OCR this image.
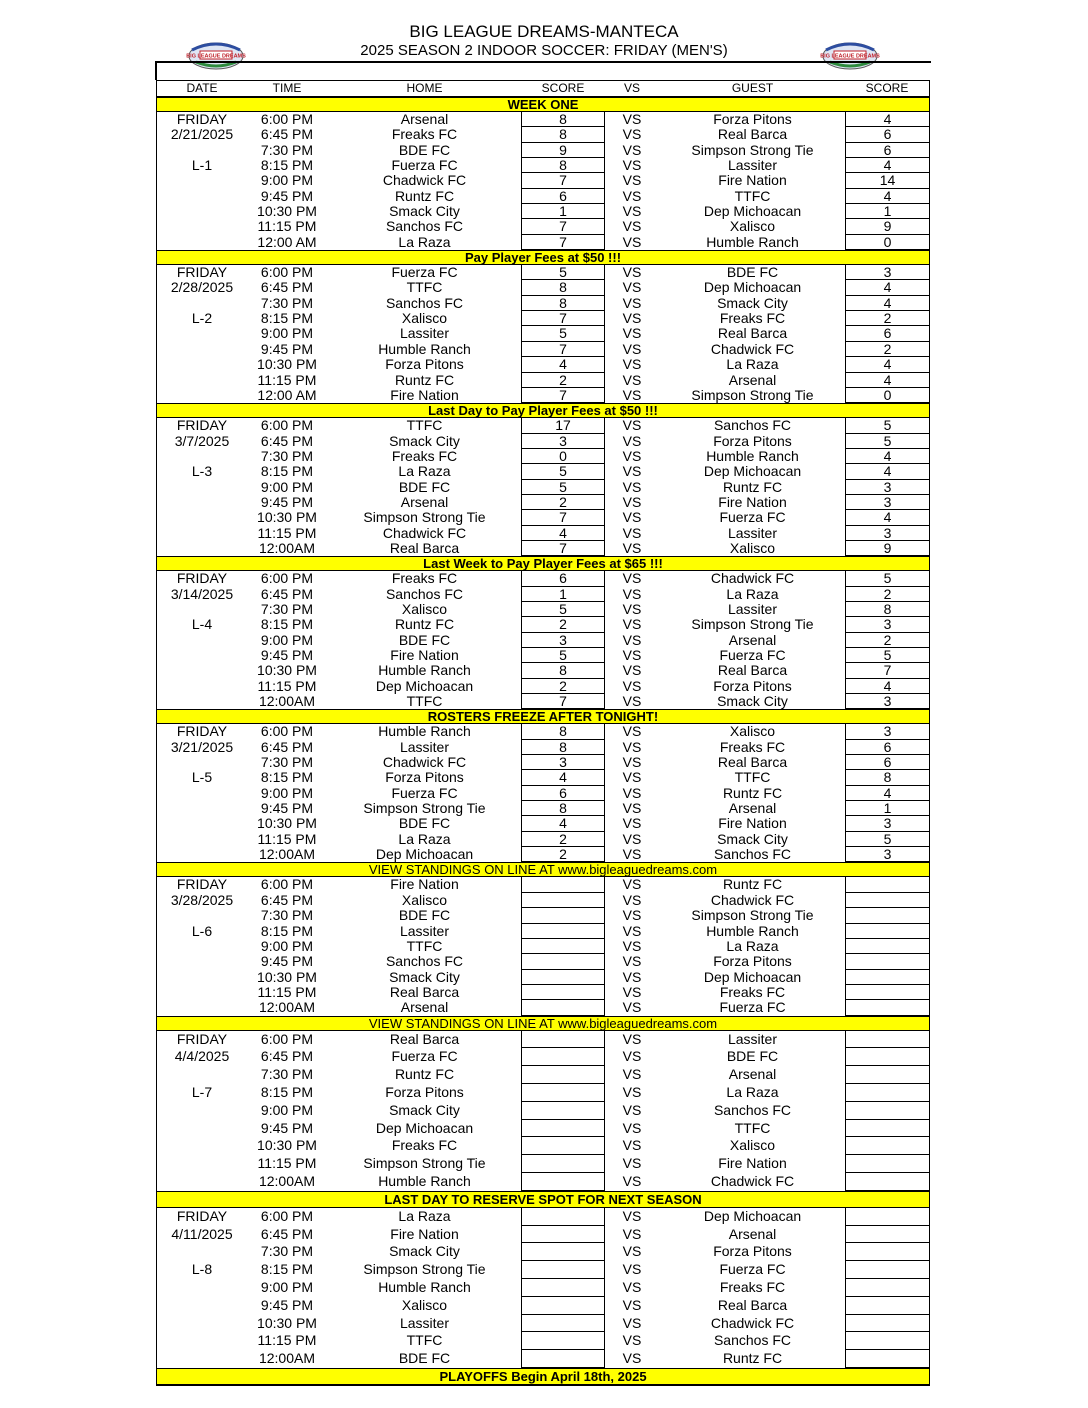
BIG LEAGUE DREAMS-MANTECA
2025 SEASON 2 INDOOR SOCCER: FRIDAY (MEN'S)
BIG LEAGUE DREAMS	BIG LEAGUE DREAMS
DATE	TIME	HOME	SCORE	VS	GUEST	SCORE
WEEK ONE
FRIDAY	6:00 PM	Arsenal	8	VS	Forza Pitons	4
2/21/2025	6:45 PM	Freaks FC	8	VS	Real Barca	6
7:30 PM	BDE FC	9	VS	Simpson Strong Tie	6
L-1	8:15 PM	Fuerza FC	8	VS	Lassiter	4
9:00 PM	Chadwick FC	7	VS	Fire Nation	14
9:45 PM	Runtz FC	6	VS	TTFC	4
10:30 PM	Smack City	1	VS	Dep Michoacan	1
11:15 PM	Sanchos FC	7	VS	Xalisco	9
12:00 AM	La Raza	7	VS	Humble Ranch	0
Pay Player Fees at $50 !!!
FRIDAY	6:00 PM	Fuerza FC	5	VS	BDE FC	3
2/28/2025	6:45 PM	TTFC	8	VS	Dep Michoacan	4
7:30 PM	Sanchos FC	8	VS	Smack City	4
L-2	8:15 PM	Xalisco	7	VS	Freaks FC	2
9:00 PM	Lassiter	5	VS	Real Barca	6
9:45 PM	Humble Ranch	7	VS	Chadwick FC	2
10:30 PM	Forza Pitons	4	VS	La Raza	4
11:15 PM	Runtz FC	2	VS	Arsenal	4
12:00 AM	Fire Nation	7	VS	Simpson Strong Tie	0
Last Day to Pay Player Fees at $50 !!!
FRIDAY	6:00 PM	TTFC	17	VS	Sanchos FC	5
3/7/2025	6:45 PM	Smack City	3	VS	Forza Pitons	5
7:30 PM	Freaks FC	0	VS	Humble Ranch	4
L-3	8:15 PM	La Raza	5	VS	Dep Michoacan	4
9:00 PM	BDE FC	5	VS	Runtz FC	3
9:45 PM	Arsenal	2	VS	Fire Nation	3
10:30 PM	Simpson Strong Tie	7	VS	Fuerza FC	4
11:15 PM	Chadwick FC	4	VS	Lassiter	3
12:00AM	Real Barca	7	VS	Xalisco	9
Last Week to Pay Player Fees at $65 !!!
FRIDAY	6:00 PM	Freaks FC	6	VS	Chadwick FC	5
3/14/2025	6:45 PM	Sanchos FC	1	VS	La Raza	2
7:30 PM	Xalisco	5	VS	Lassiter	8
L-4	8:15 PM	Runtz FC	2	VS	Simpson Strong Tie	3
9:00 PM	BDE FC	3	VS	Arsenal	2
9:45 PM	Fire Nation	5	VS	Fuerza FC	5
10:30 PM	Humble Ranch	8	VS	Real Barca	7
11:15 PM	Dep Michoacan	2	VS	Forza Pitons	4
12:00AM	TTFC	7	VS	Smack City	3
ROSTERS FREEZE AFTER TONIGHT!
FRIDAY	6:00 PM	Humble Ranch	8	VS	Xalisco	3
3/21/2025	6:45 PM	Lassiter	8	VS	Freaks FC	6
7:30 PM	Chadwick FC	3	VS	Real Barca	6
L-5	8:15 PM	Forza Pitons	4	VS	TTFC	8
9:00 PM	Fuerza FC	6	VS	Runtz FC	4
9:45 PM	Simpson Strong Tie	8	VS	Arsenal	1
10:30 PM	BDE FC	4	VS	Fire Nation	3
11:15 PM	La Raza	2	VS	Smack City	5
12:00AM	Dep Michoacan	2	VS	Sanchos FC	3
VIEW STANDINGS ON LINE AT www.bigleaguedreams.com
FRIDAY	6:00 PM	Fire Nation	VS	Runtz FC
3/28/2025	6:45 PM	Xalisco	VS	Chadwick FC
7:30 PM	BDE FC	VS	Simpson Strong Tie
L-6	8:15 PM	Lassiter	VS	Humble Ranch
9:00 PM	TTFC	VS	La Raza
9:45 PM	Sanchos FC	VS	Forza Pitons
10:30 PM	Smack City	VS	Dep Michoacan
11:15 PM	Real Barca	VS	Freaks FC
12:00AM	Arsenal	VS	Fuerza FC
VIEW STANDINGS ON LINE AT www.bigleaguedreams.com
FRIDAY	6:00 PM	Real Barca	VS	Lassiter
4/4/2025	6:45 PM	Fuerza FC	VS	BDE FC
7:30 PM	Runtz FC	VS	Arsenal
L-7	8:15 PM	Forza Pitons	VS	La Raza
9:00 PM	Smack City	VS	Sanchos FC
9:45 PM	Dep Michoacan	VS	TTFC
10:30 PM	Freaks FC	VS	Xalisco
11:15 PM	Simpson Strong Tie	VS	Fire Nation
12:00AM	Humble Ranch	VS	Chadwick FC
LAST DAY TO RESERVE SPOT FOR NEXT SEASON
FRIDAY	6:00 PM	La Raza	VS	Dep Michoacan
4/11/2025	6:45 PM	Fire Nation	VS	Arsenal
7:30 PM	Smack City	VS	Forza Pitons
L-8	8:15 PM	Simpson Strong Tie	VS	Fuerza FC
9:00 PM	Humble Ranch	VS	Freaks FC
9:45 PM	Xalisco	VS	Real Barca
10:30 PM	Lassiter	VS	Chadwick FC
11:15 PM	TTFC	VS	Sanchos FC
12:00AM	BDE FC	VS	Runtz FC
PLAYOFFS Begin April 18th, 2025
